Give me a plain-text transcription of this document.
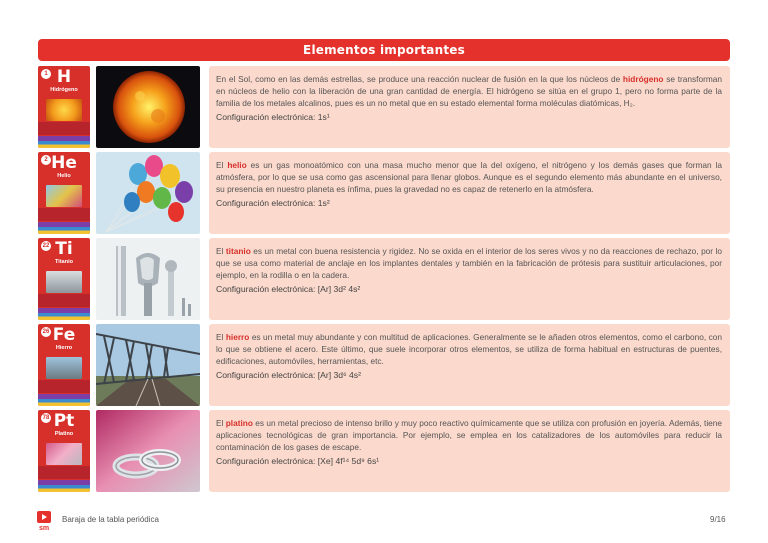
Elementos importantes
1 H
Hidrógeno

En el Sol, como en las demás estrellas, se produce una reacción nuclear de fusión en la que los núcleos de hidrógeno se transforman en núcleos de helio con la liberación de una gran cantidad de energía. El hidrógeno se sitúa en el grupo 1, pero no forma parte de la familia de los metales alcalinos, pues es un no metal que en su estado elemental forma moléculas diatómicas, H₂.

Configuración electrónica: 1s¹
2 He
Helio

El helio es un gas monoatómico con una masa mucho menor que la del oxígeno, el nitrógeno y los demás gases que forman la atmósfera, por lo que se usa como gas ascensional para llenar globos. Aunque es el segundo elemento más abundante en el universo, su presencia en nuestro planeta es ínfima, pues la gravedad no es capaz de retenerlo en la atmósfera.

Configuración electrónica: 1s²
22 Ti
Titanio

El titanio es un metal con buena resistencia y rigidez. No se oxida en el interior de los seres vivos y no da reacciones de rechazo, por lo que se usa como material de anclaje en los implantes dentales y también en la fabricación de prótesis para sustituir articulaciones, por ejemplo, en la rodilla o en la cadera.

Configuración electrónica: [Ar] 3d² 4s²
26 Fe
Hierro

El hierro es un metal muy abundante y con multitud de aplicaciones. Generalmente se le añaden otros elementos, como el carbono, con lo que se obtiene el acero. Este último, que suele incorporar otros elementos, se utiliza de forma habitual en estructuras de puentes, edificaciones, automóviles, herramientas, etc.

Configuración electrónica: [Ar] 3d⁶ 4s²
78 Pt
Platino

El platino es un metal precioso de intenso brillo y muy poco reactivo químicamente que se utiliza con profusión en joyería. Además, tiene aplicaciones tecnológicas de gran importancia. Por ejemplo, se emplea en los catalizadores de los automóviles para reducir la contaminación de los gases de escape.

Configuración electrónica: [Xe] 4f¹⁴ 5d⁹ 6s¹
sm
Baraja de la tabla periódica	9/16
